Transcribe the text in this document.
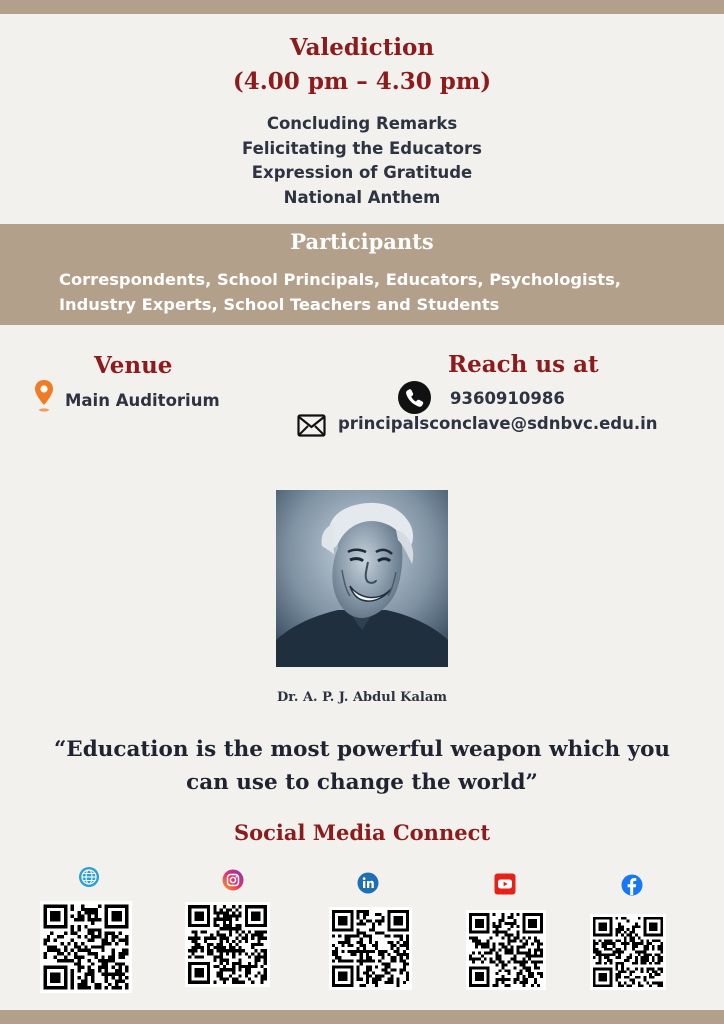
Valediction
(4.00 pm – 4.30 pm)
Concluding Remarks
Felicitating the Educators
Expression of Gratitude
National Anthem
Participants
Correspondents, School Principals, Educators, Psychologists,
Industry Experts, School Teachers and Students
Venue
Main Auditorium
Reach us at
9360910986
principalsconclave@sdnbvc.edu.in
Dr. A. P. J. Abdul Kalam
“Education is the most powerful weapon which you
can use to change the world”
Social Media Connect
